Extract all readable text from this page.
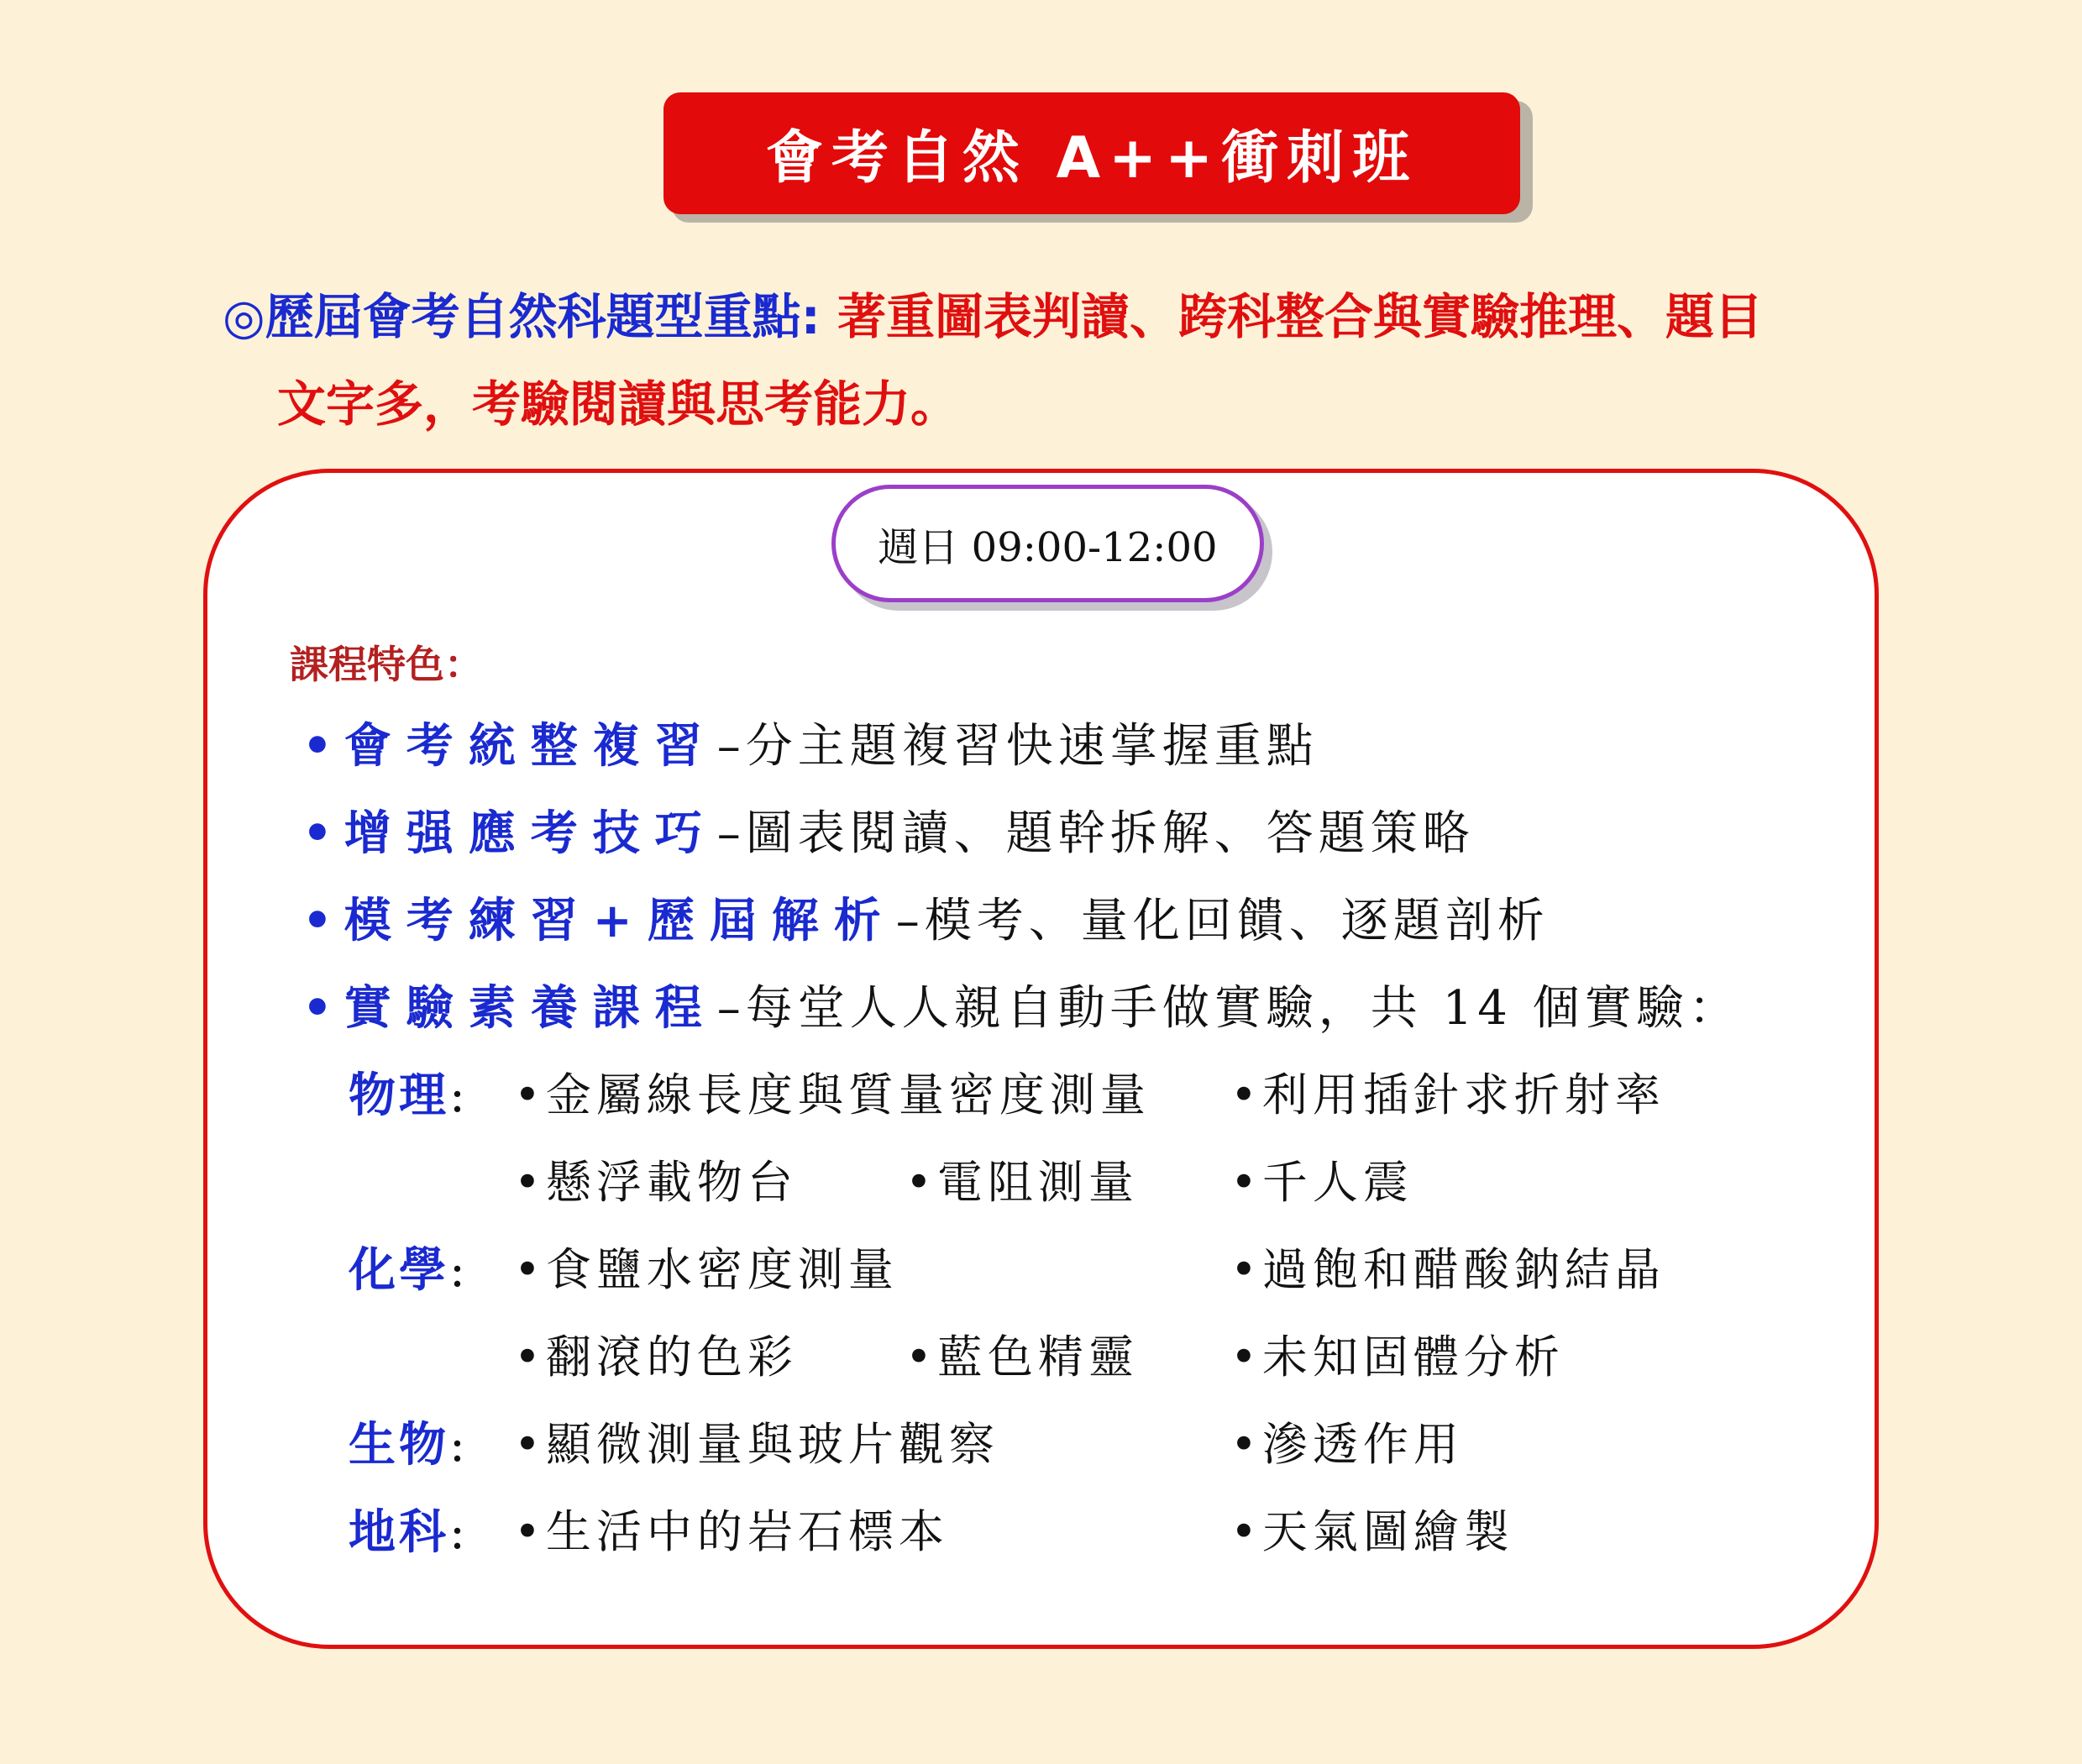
會考自然 A++衝刺班
◎歷屆會考自然科題型重點: 著重圖表判讀、跨科整合與實驗推理、題目
文字多，考驗閱讀與思考能力。
週日 09:00-12:00
課程特色：
• 會考統整複習–分主題複習快速掌握重點
• 增强應考技巧–圖表閱讀、題幹拆解、答題策略
• 模考練習+歷屆解析–模考、量化回饋、逐題剖析
• 實驗素養課程–每堂人人親自動手做實驗，共 14 個實驗：
物理: •金屬線長度與質量密度測量 •利用插針求折射率
•懸浮載物台 •電阻測量 •千人震
化學: •食鹽水密度測量	•過飽和醋酸鈉結晶
•翻滾的色彩 •藍色精靈 •未知固體分析
生物: •顯微測量與玻片觀察	•滲透作用
地科: •生活中的岩石標本	•天氣圖繪製
